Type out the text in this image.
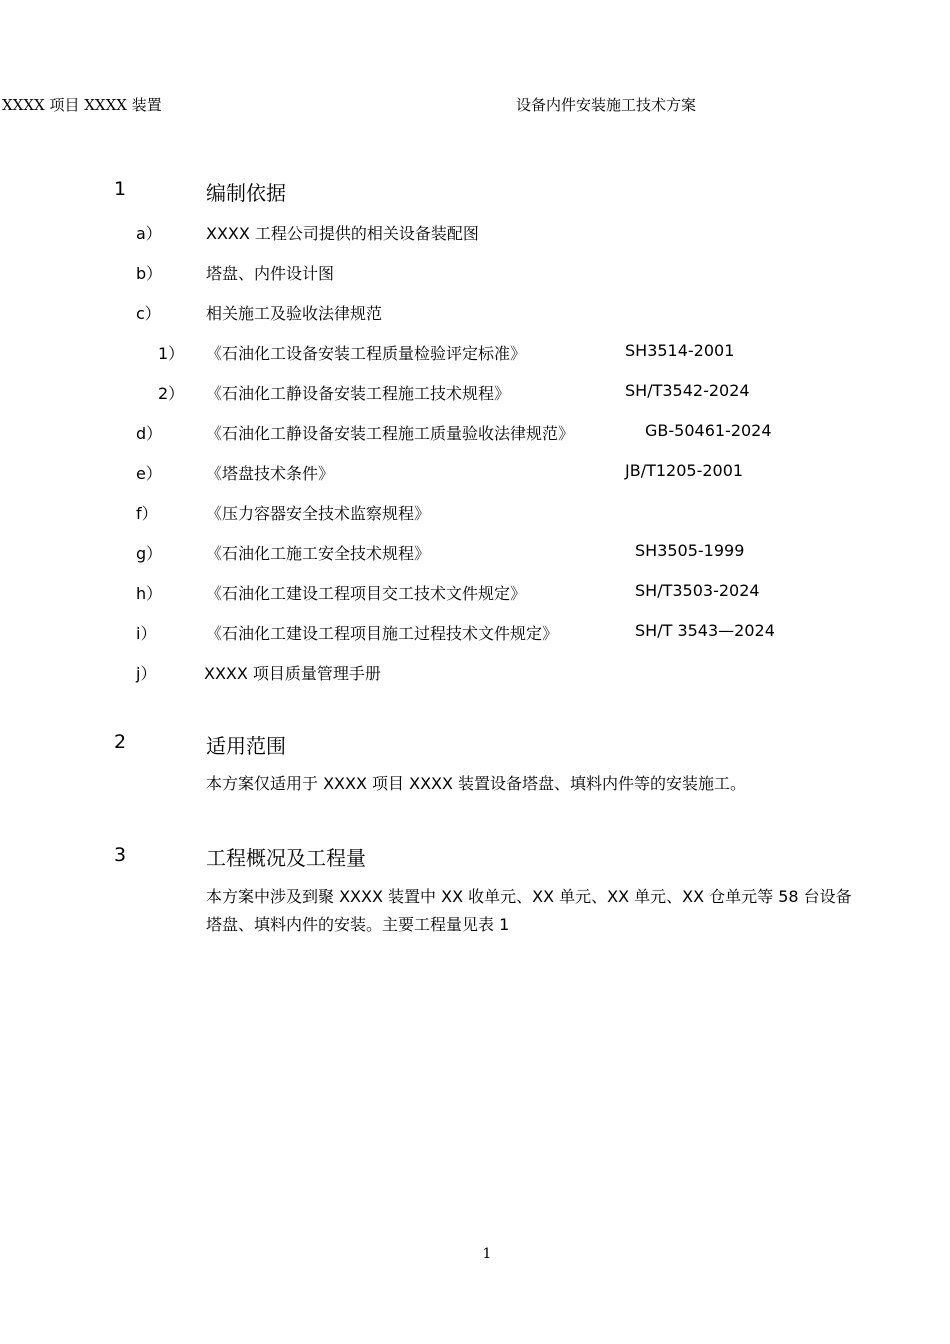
XXXX 项目 XXXX 装置	设备内件安装施工技术方案
1	编制依据
a）	XXXX 工程公司提供的相关设备装配图
b）	塔盘、内件设计图
c）	相关施工及验收法律规范
1） 《石油化工设备安装工程质量检验评定标准》	SH3514-2001
2） 《石油化工静设备安装工程施工技术规程》	SH/T3542-2024
d）	《石油化工静设备安装工程施工质量验收法律规范》	GB-50461-2024
e）	《塔盘技术条件》	JB/T1205-2001
f）	《压力容器安全技术监察规程》
g）	《石油化工施工安全技术规程》	SH3505-1999
h）	《石油化工建设工程项目交工技术文件规定》	SH/T3503-2024
i）	《石油化工建设工程项目施工过程技术文件规定》	SH/T 3543—2024
j）	XXXX 项目质量管理手册
2	适用范围
本方案仅适用于 XXXX 项目 XXXX 装置设备塔盘、填料内件等的安装施工。
3	工程概况及工程量
本方案中涉及到聚 XXXX 装置中 XX 收单元、XX 单元、XX 单元、XX 仓单元等 58 台设备塔盘、填料内件的安装。主要工程量见表 1
1
